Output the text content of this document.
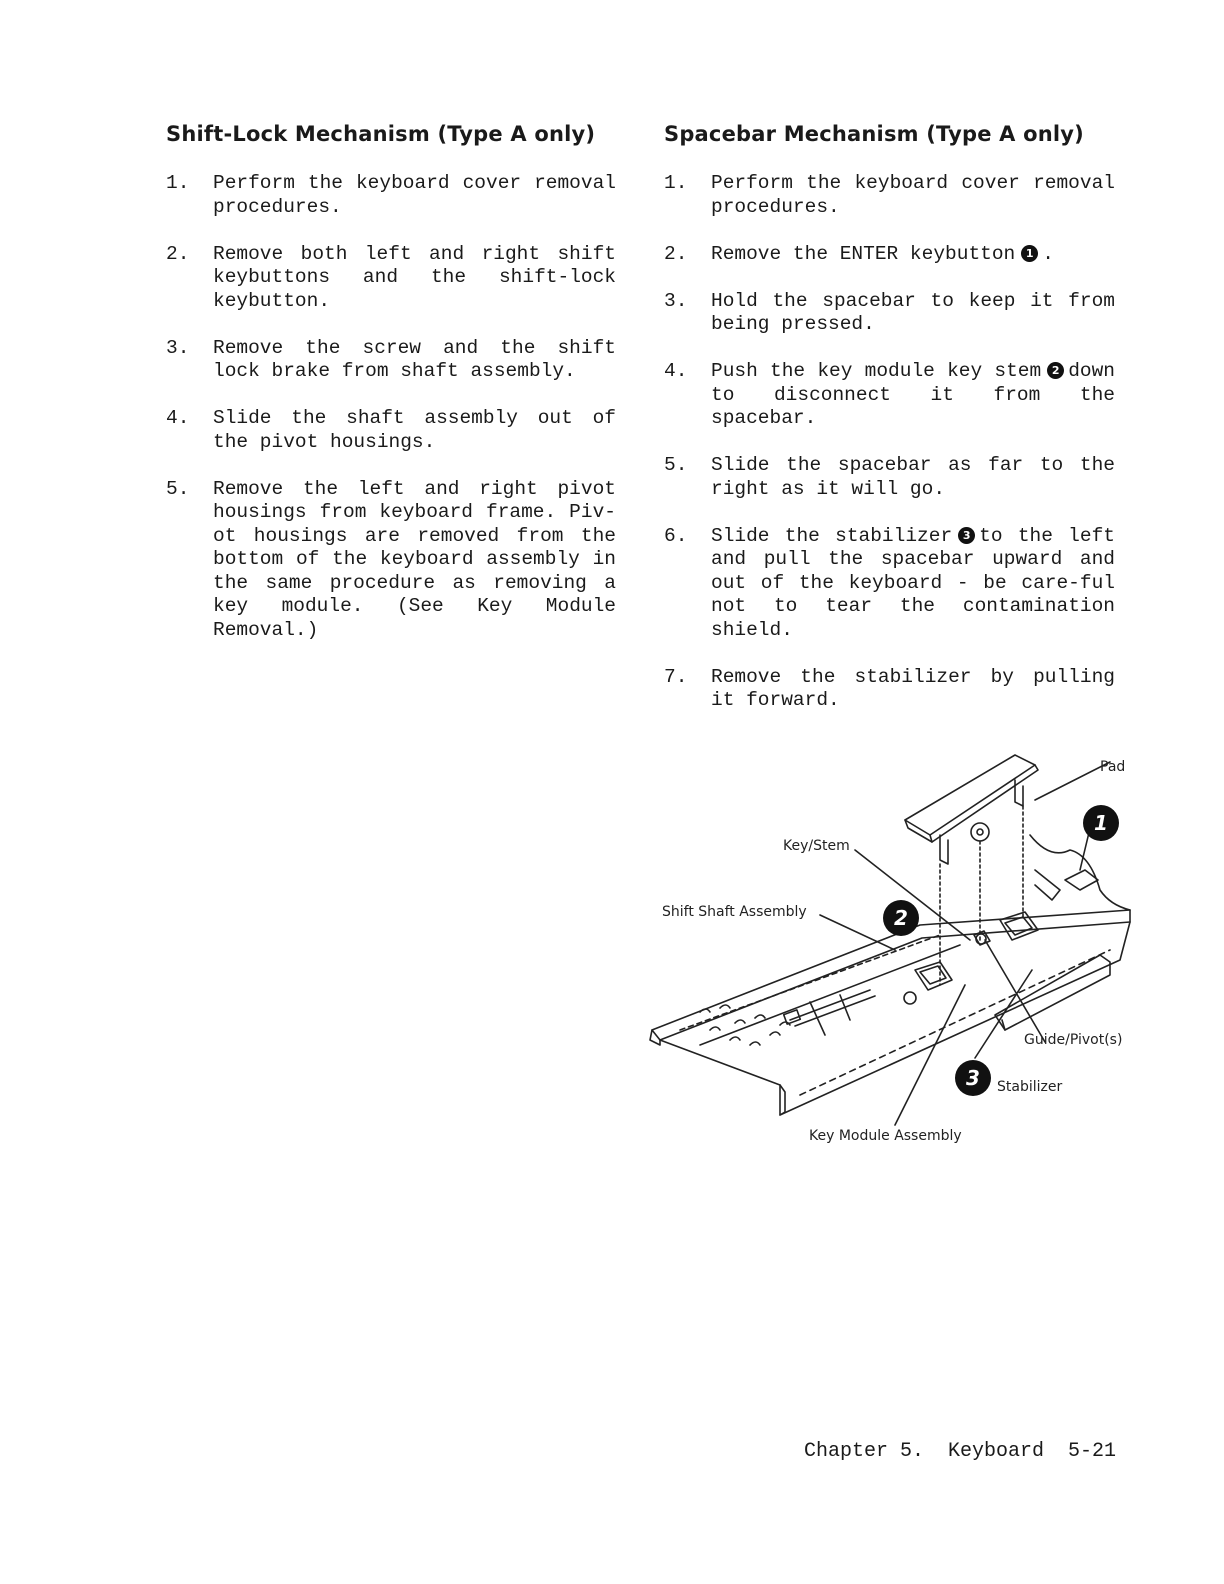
Shift-Lock Mechanism (Type A only)
1. Perform the keyboard cover removal procedures.
2. Remove both left and right shift keybuttons and the shift-lock keybutton.
3. Remove the screw and the shift lock brake from shaft assembly.
4. Slide the shaft assembly out of the pivot housings.
5. Remove the left and right pivot housings from keyboard frame. Piv-ot housings are removed from the bottom of the keyboard assembly in the same procedure as removing a key module. (See Key Module Removal.)
Spacebar Mechanism (Type A only)
1. Perform the keyboard cover removal procedures.
2. Remove the ENTER keybutton 1 .
3. Hold the spacebar to keep it from being pressed.
4. Push the key module key stem 2 down to disconnect it from the spacebar.
5. Slide the spacebar as far to the right as it will go.
6. Slide the stabilizer 3 to the left and pull the spacebar upward and out of the keyboard - be care-ful not to tear the contamination shield.
7. Remove the stabilizer by pulling it forward.
Pad
Key/Stem
Shift Shaft Assembly
Guide/Pivot(s)
Stabilizer
Key Module Assembly
1
2
3
Chapter 5.  Keyboard  5-21
